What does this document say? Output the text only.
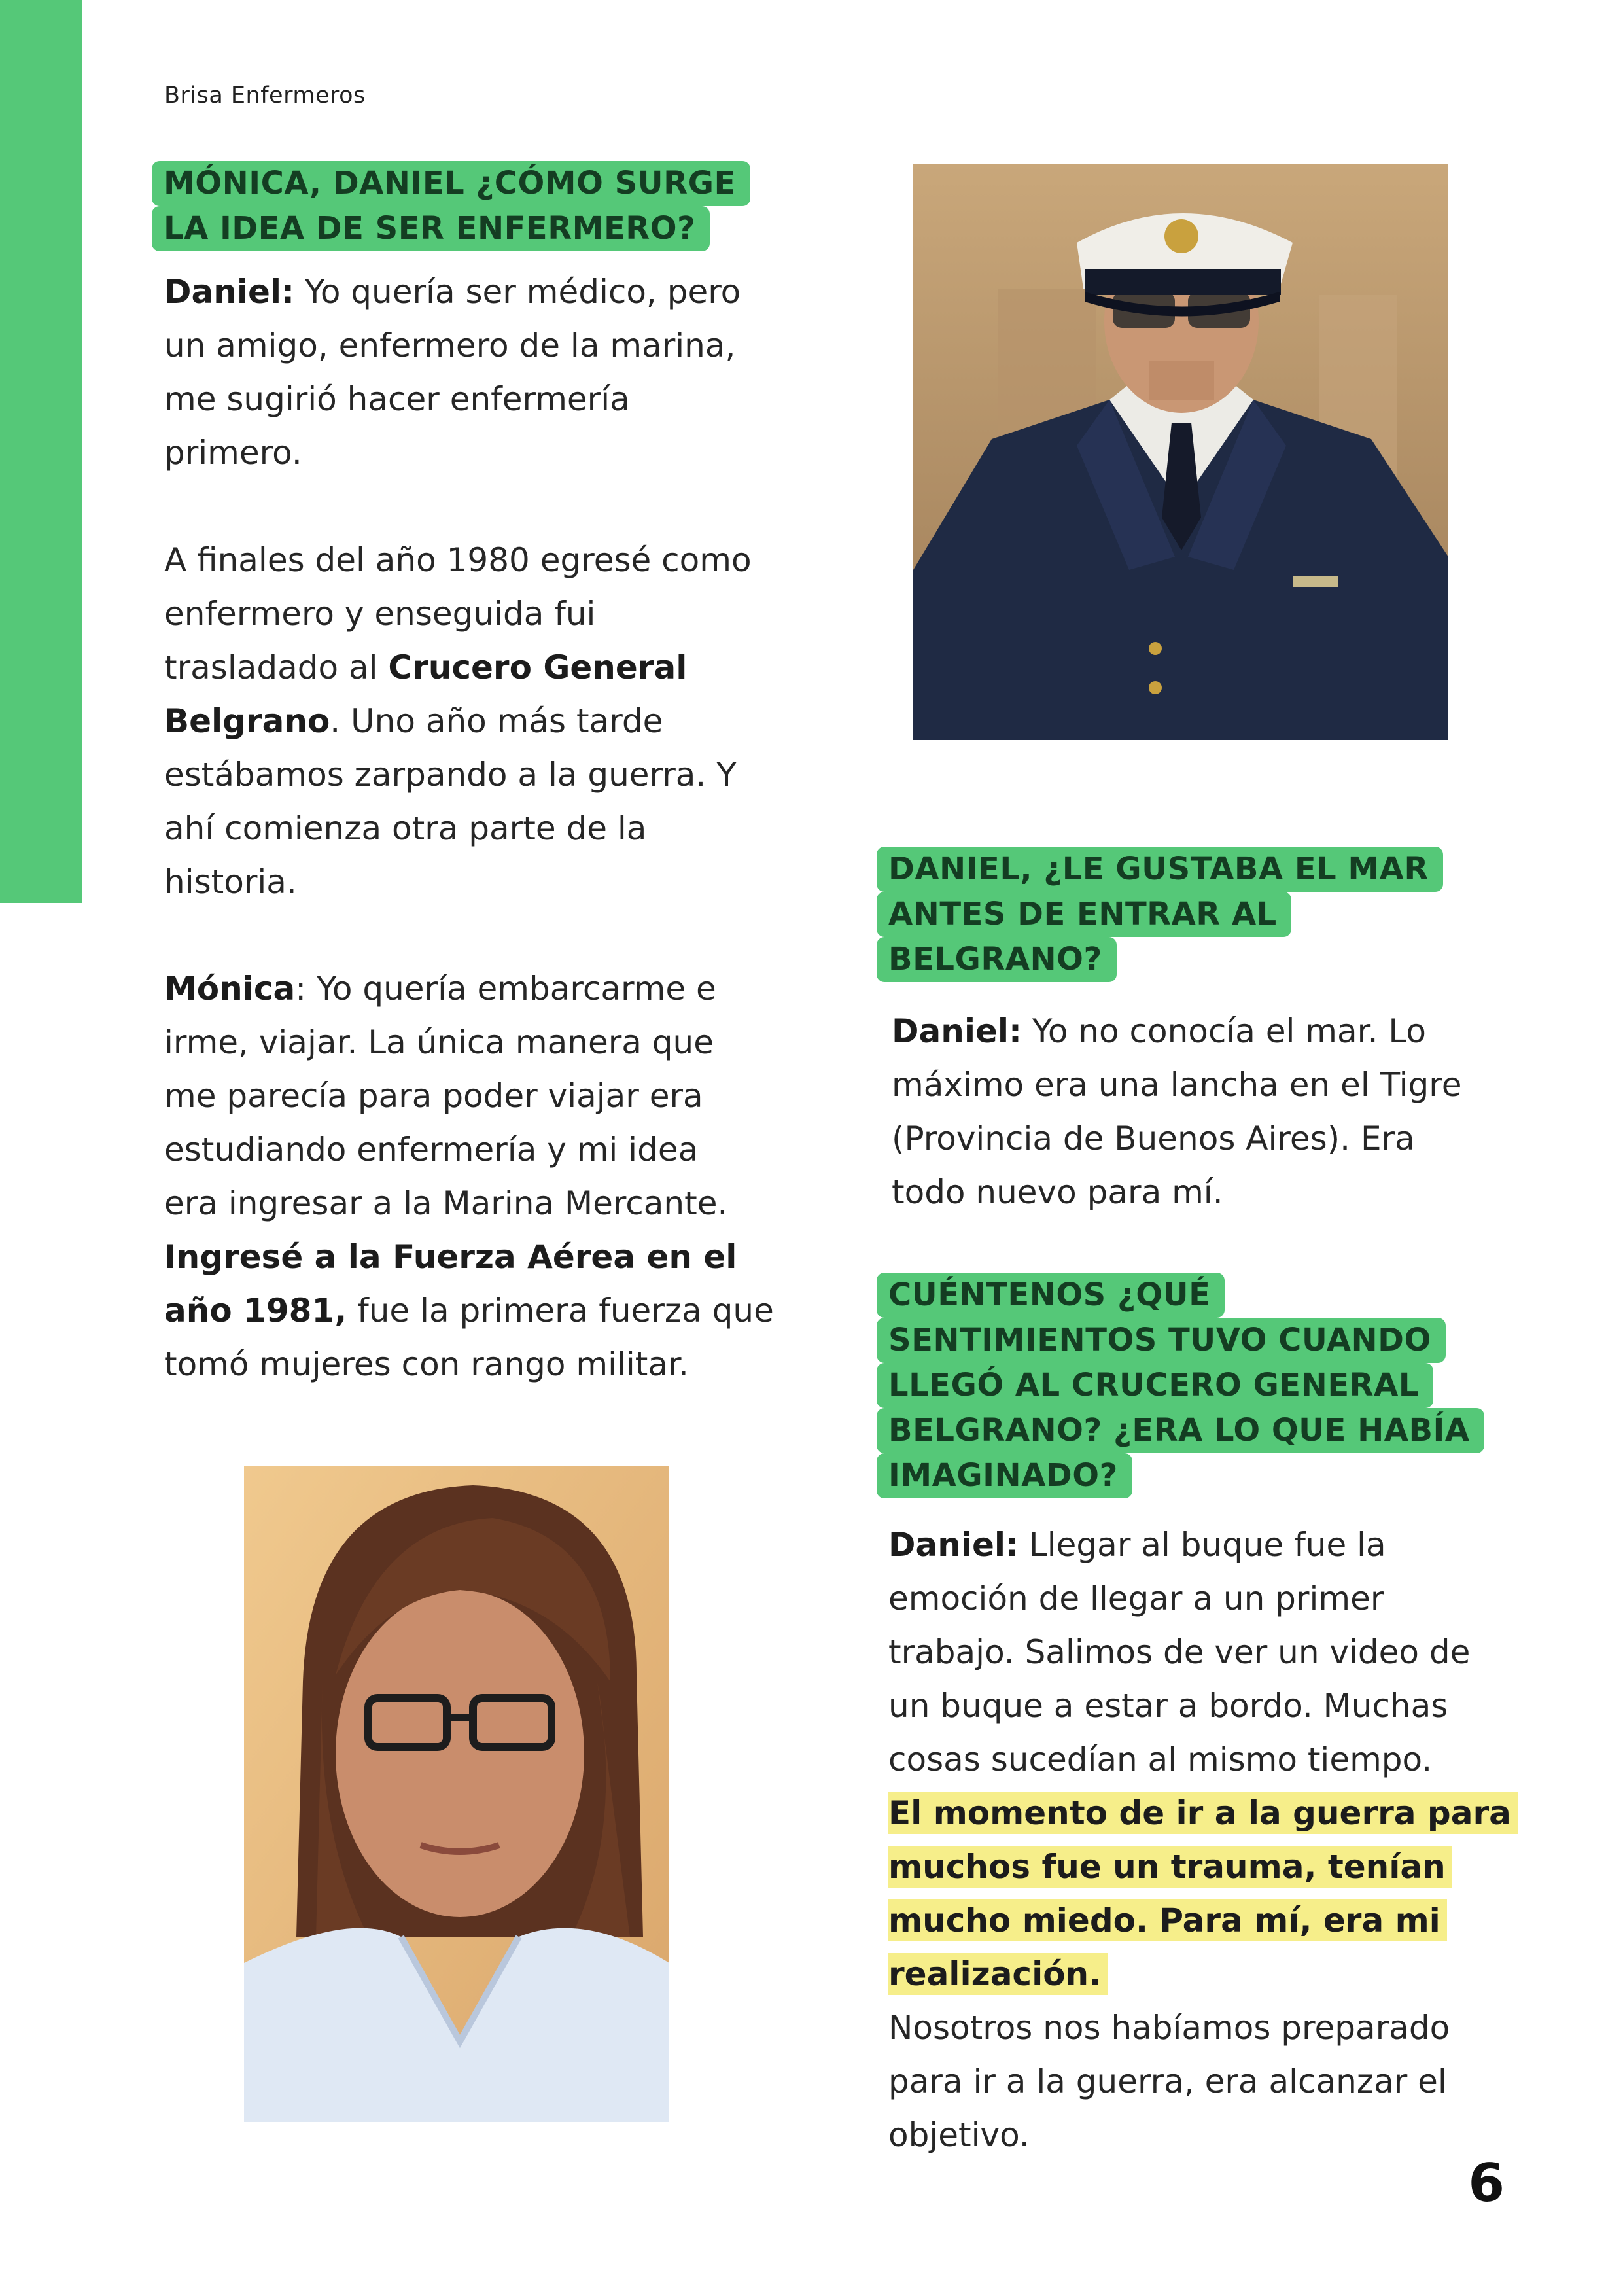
Brisa Enfermeros
MÓNICA, DANIEL ¿CÓMO SURGE
LA IDEA DE SER ENFERMERO?
Daniel: Yo quería ser médico, pero
un amigo, enfermero de la marina,
me sugirió hacer enfermería
primero.
A finales del año 1980 egresé como
enfermero y enseguida fui
trasladado al Crucero General
Belgrano. Uno año más tarde
estábamos zarpando a la guerra. Y
ahí comienza otra parte de la
historia.
Mónica: Yo quería embarcarme e
irme, viajar. La única manera que
me parecía para poder viajar era
estudiando enfermería y mi idea
era ingresar a la Marina Mercante.
Ingresé a la Fuerza Aérea en el
año 1981, fue la primera fuerza que
tomó mujeres con rango militar.
DANIEL, ¿LE GUSTABA EL MAR
ANTES DE ENTRAR AL
BELGRANO?
Daniel: Yo no conocía el mar. Lo
máximo era una lancha en el Tigre
(Provincia de Buenos Aires). Era
todo nuevo para mí.
CUÉNTENOS ¿QUÉ
SENTIMIENTOS TUVO CUANDO
LLEGÓ AL CRUCERO GENERAL
BELGRANO? ¿ERA LO QUE HABÍA
IMAGINADO?
Daniel: Llegar al buque fue la
emoción de llegar a un primer
trabajo. Salimos de ver un video de
un buque a estar a bordo. Muchas
cosas sucedían al mismo tiempo.
El momento de ir a la guerra para
muchos fue un trauma, tenían
mucho miedo. Para mí, era mi
realización.
Nosotros nos habíamos preparado
para ir a la guerra, era alcanzar el
objetivo.
6
